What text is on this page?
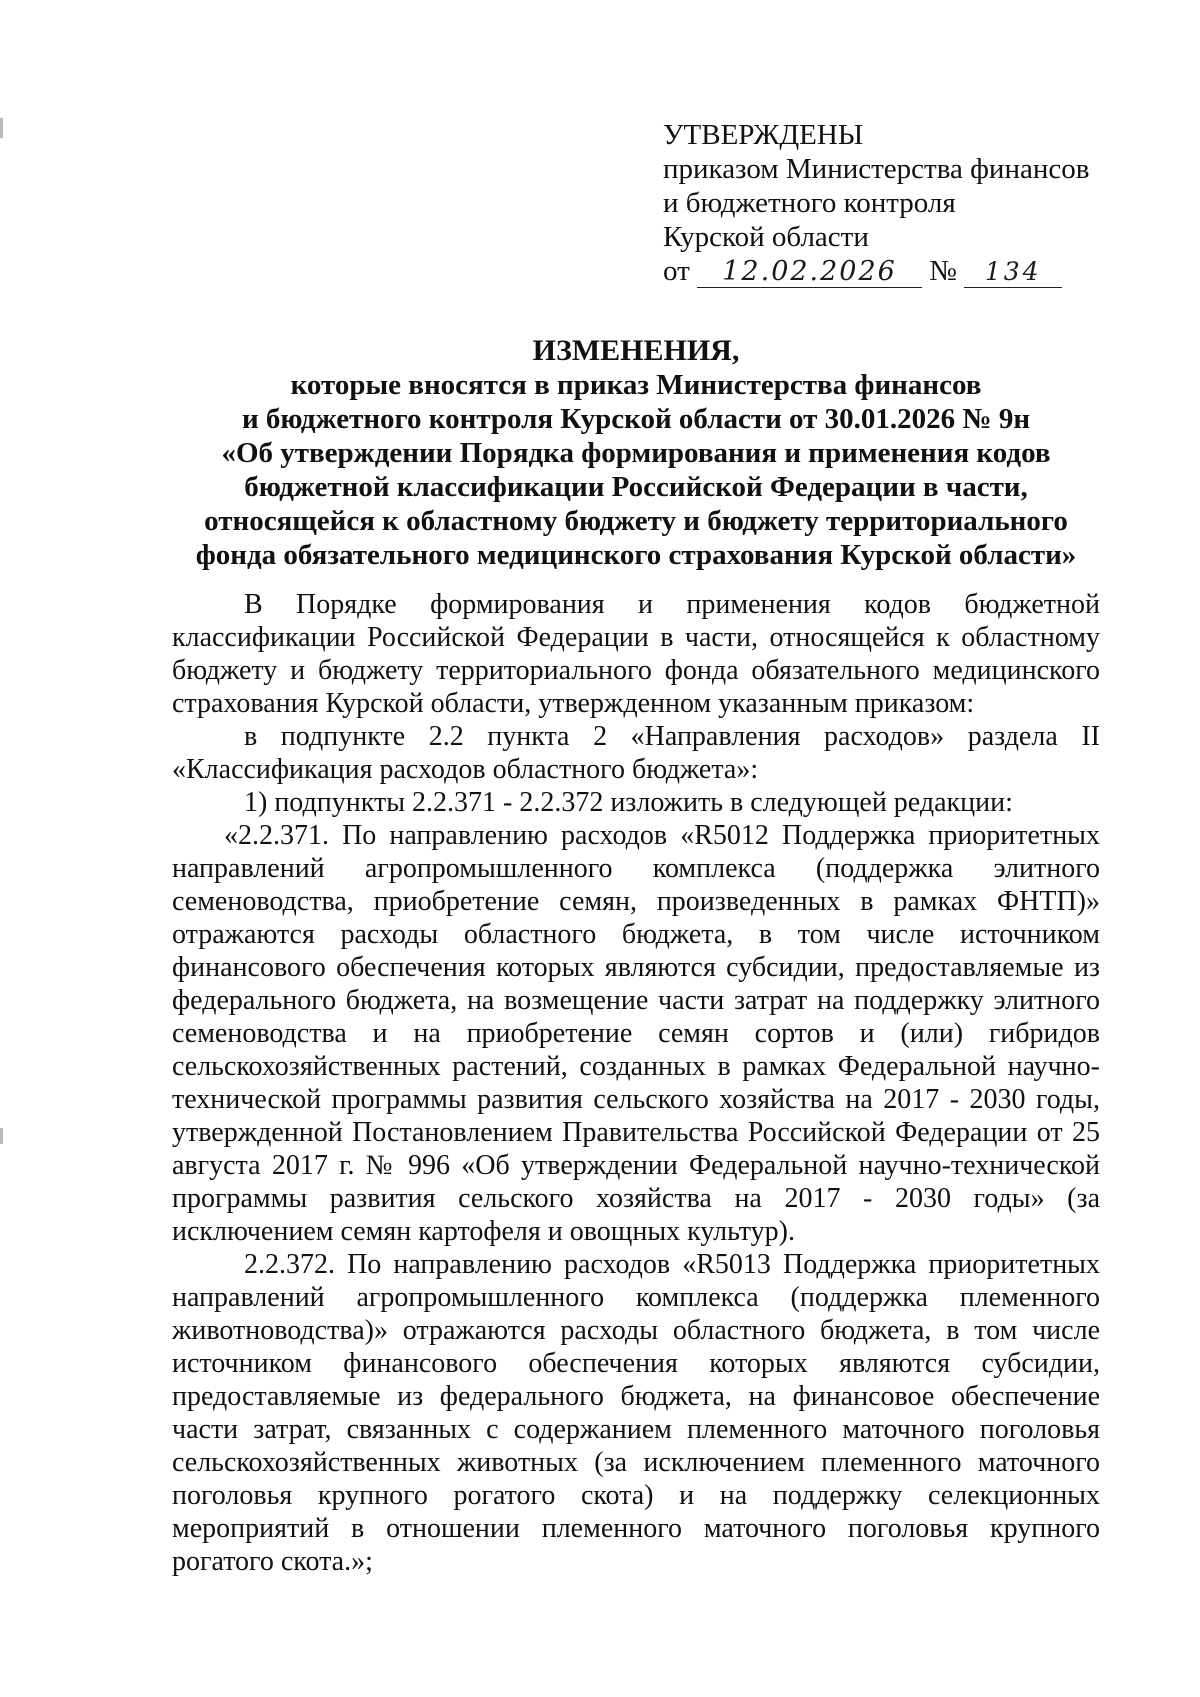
УТВЕРЖДЕНЫ
приказом Министерства финансов
и бюджетного контроля
Курской области
от 12.02.2026 № 134
ИЗМЕНЕНИЯ,
которые вносятся в приказ Министерства финансов
и бюджетного контроля Курской области от 30.01.2026 № 9н
«Об утверждении Порядка формирования и применения кодов
бюджетной классификации Российской Федерации в части,
относящейся к областному бюджету и бюджету территориального
фонда обязательного медицинского страхования Курской области»

В Порядке формирования и применения кодов бюджетной классификации Российской Федерации в части, относящейся к областному бюджету и бюджету территориального фонда обязательного медицинского страхования Курской области, утвержденном указанным приказом:

в подпункте 2.2 пункта 2 «Направления расходов» раздела II «Классификация расходов областного бюджета»:

1) подпункты 2.2.371 - 2.2.372 изложить в следующей редакции:

«2.2.371. По направлению расходов «R5012 Поддержка приоритетных направлений агропромышленного комплекса (поддержка элитного семеноводства, приобретение семян, произведенных в рамках ФНТП)» отражаются расходы областного бюджета, в том числе источником финансового обеспечения которых являются субсидии, предоставляемые из федерального бюджета, на возмещение части затрат на поддержку элитного семеноводства и на приобретение семян сортов и (или) гибридов сельскохозяйственных растений, созданных в рамках Федеральной научно-технической программы развития сельского хозяйства на 2017 - 2030 годы, утвержденной Постановлением Правительства Российской Федерации от 25 августа 2017 г. № 996 «Об утверждении Федеральной научно-технической программы развития сельского хозяйства на 2017 - 2030 годы» (за исключением семян картофеля и овощных культур).

2.2.372. По направлению расходов «R5013 Поддержка приоритетных направлений агропромышленного комплекса (поддержка племенного животноводства)» отражаются расходы областного бюджета, в том числе источником финансового обеспечения которых являются субсидии, предоставляемые из федерального бюджета, на финансовое обеспечение части затрат, связанных с содержанием племенного маточного поголовья сельскохозяйственных животных (за исключением племенного маточного поголовья крупного рогатого скота) и на поддержку селекционных мероприятий в отношении племенного маточного поголовья крупного рогатого скота.»;
